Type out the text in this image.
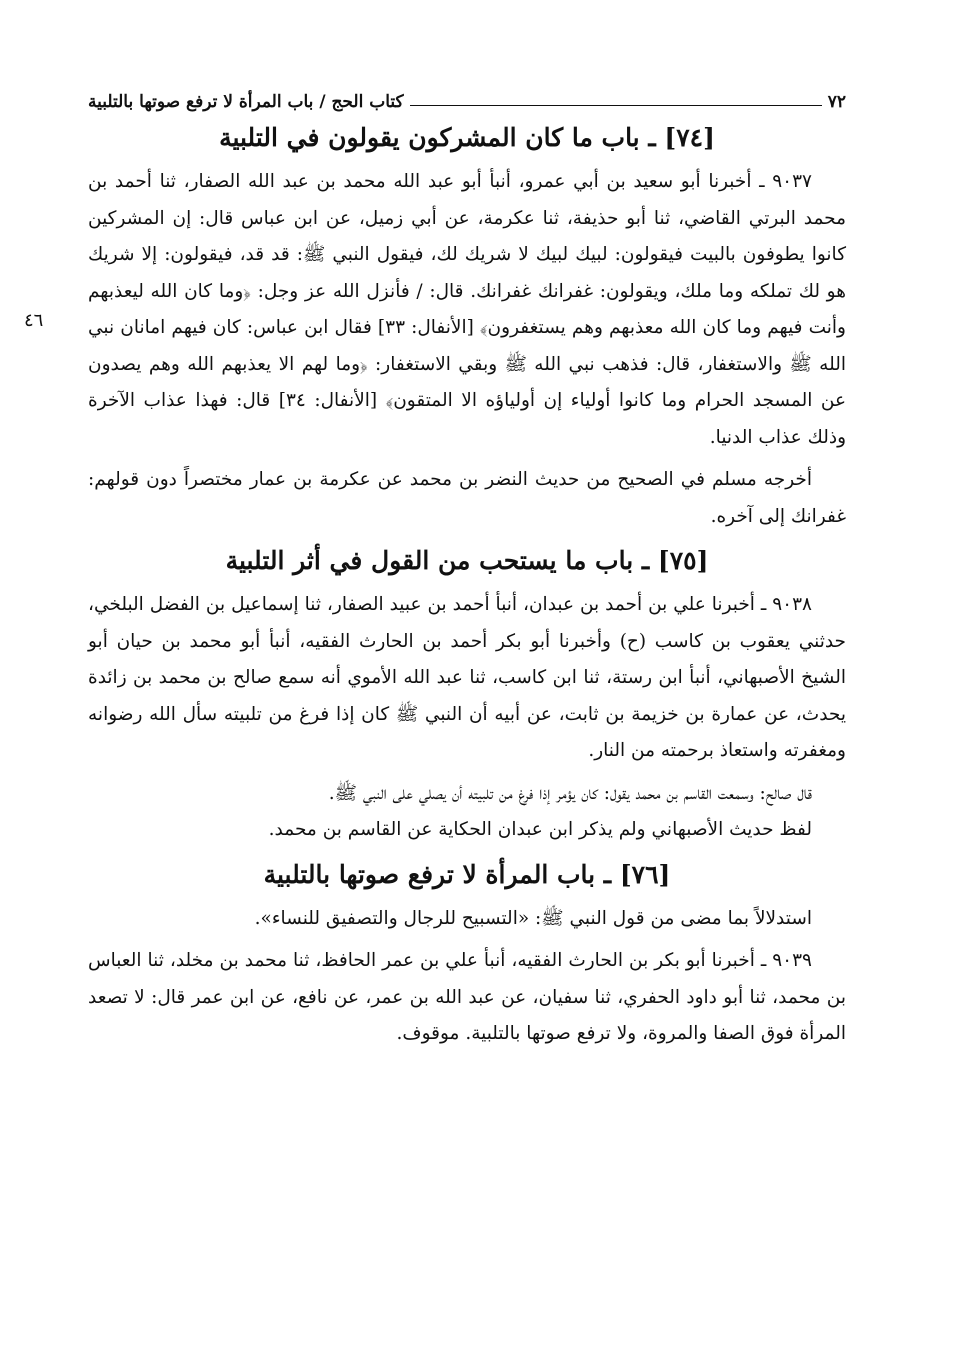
٧٢
كتاب الحج / باب المرأة لا ترفع صوتها بالتلبية
[٧٤] ـ باب ما كان المشركون يقولون في التلبية
٤٦

٩٠٣٧ ـ أخبرنا أبو سعيد بن أبي عمرو، أنبأ أبو عبد الله محمد بن عبد الله الصفار، ثنا أحمد بن محمد البرتي القاضي، ثنا أبو حذيفة، ثنا عكرمة، عن أبي زميل، عن ابن عباس قال: إن المشركين كانوا يطوفون بالبيت فيقولون: لبيك لبيك لا شريك لك، فيقول النبي ﷺ: قد قد، فيقولون: إلا شريك هو لك تملكه وما ملك، ويقولون: غفرانك غفرانك. قال: / فأنزل الله عز وجل: ﴿وما كان الله ليعذبهم وأنت فيهم وما كان الله معذبهم وهم يستغفرون﴾ [الأنفال: ٣٣] فقال ابن عباس: كان فيهم امانان نبي الله ﷺ والاستغفار، قال: فذهب نبي الله ﷺ وبقي الاستغفار: ﴿وما لهم الا يعذبهم الله وهم يصدون عن المسجد الحرام وما كانوا أولياء إن أولياؤه الا المتقون﴾ [الأنفال: ٣٤] قال: فهذا عذاب الآخرة وذلك عذاب الدنيا.

أخرجه مسلم في الصحيح من حديث النضر بن محمد عن عكرمة بن عمار مختصراً دون قولهم: غفرانك إلى آخره.

[٧٥] ـ باب ما يستحب من القول في أثر التلبية

٩٠٣٨ ـ أخبرنا علي بن أحمد بن عبدان، أنبأ أحمد بن عبيد الصفار، ثنا إسماعيل بن الفضل البلخي، حدثني يعقوب بن كاسب (ح) وأخبرنا أبو بكر أحمد بن الحارث الفقيه، أنبأ أبو محمد بن حيان أبو الشيخ الأصبهاني، أنبأ ابن رستة، ثنا ابن كاسب، ثنا عبد الله الأموي أنه سمع صالح بن محمد بن زائدة يحدث، عن عمارة بن خزيمة بن ثابت، عن أبيه أن النبي ﷺ كان إذا فرغ من تلبيته سأل الله رضوانه ومغفرته واستعاذ برحمته من النار.

قال صالح: وسمعت القاسم بن محمد يقول: كان يؤمر إذا فرغ من تلبيته أن يصلي على النبي ﷺ.

لفظ حديث الأصبهاني ولم يذكر ابن عبدان الحكاية عن القاسم بن محمد.

[٧٦] ـ باب المرأة لا ترفع صوتها بالتلبية

استدلالاً بما مضى من قول النبي ﷺ: «التسبيح للرجال والتصفيق للنساء».

٩٠٣٩ ـ أخبرنا أبو بكر بن الحارث الفقيه، أنبأ علي بن عمر الحافظ، ثنا محمد بن مخلد، ثنا العباس بن محمد، ثنا أبو داود الحفري، ثنا سفيان، عن عبد الله بن عمر، عن نافع، عن ابن عمر قال: لا تصعد المرأة فوق الصفا والمروة، ولا ترفع صوتها بالتلبية. موقوف.
